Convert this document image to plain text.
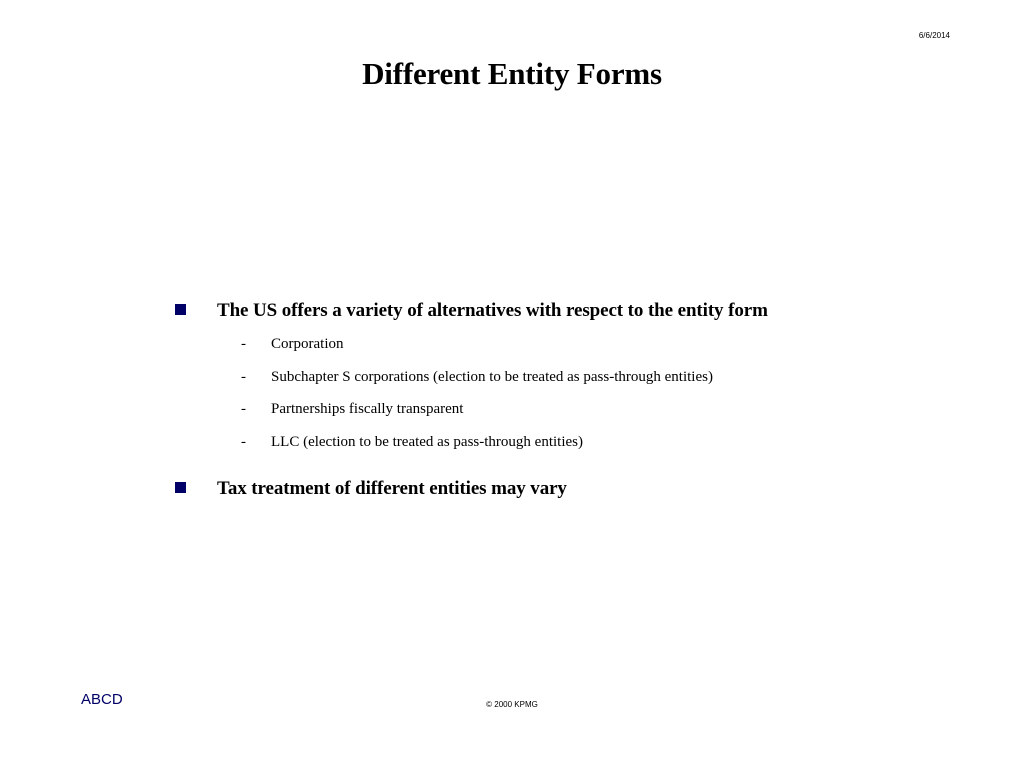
6/6/2014
Different Entity Forms
The US offers a variety of alternatives with respect to the entity form
-	Corporation
-	Subchapter S corporations (election to be treated as pass-through entities)
-	Partnerships fiscally transparent
-	LLC (election to be treated as pass-through entities)
Tax treatment of different entities may vary
ABCD	© 2000 KPMG
